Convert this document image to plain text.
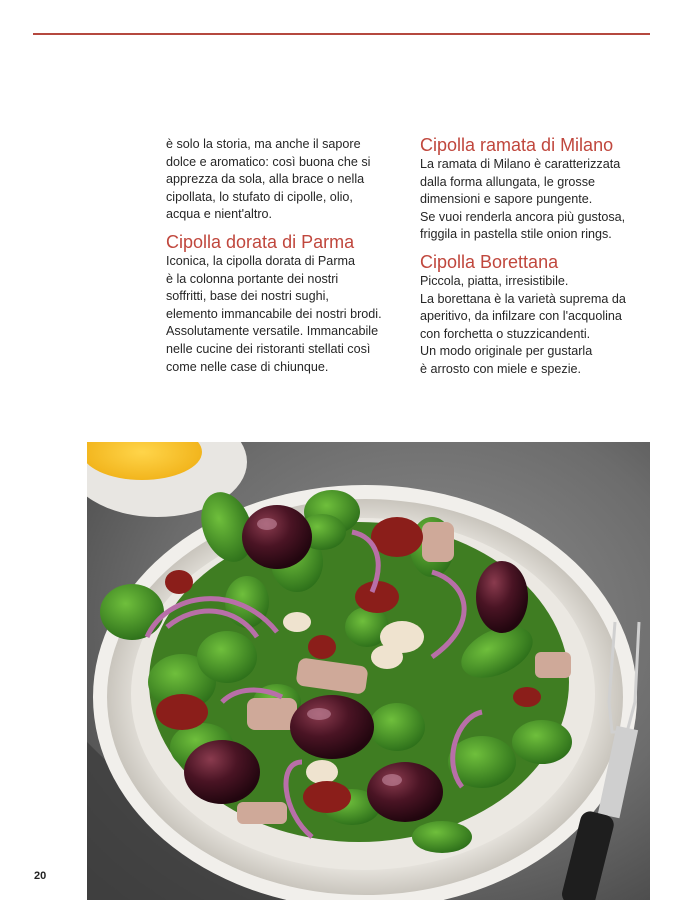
è solo la storia, ma anche il sapore
dolce e aromatico: così buona che si
apprezza da sola, alla brace o nella
cipollata, lo stufato di cipolle, olio,
acqua e nient'altro.

Cipolla dorata di Parma

Iconica, la cipolla dorata di Parma
è la colonna portante dei nostri
soffritti, base dei nostri sughi,
elemento immancabile dei nostri brodi.
Assolutamente versatile. Immancabile
nelle cucine dei ristoranti stellati così
come nelle case di chiunque.

Cipolla ramata di Milano

La ramata di Milano è caratterizzata
dalla forma allungata, le grosse
dimensioni e sapore pungente.
Se vuoi renderla ancora più gustosa,
friggila in pastella stile onion rings.

Cipolla Borettana

Piccola, piatta, irresistibile.
La borettana è la varietà suprema da
aperitivo, da infilzare con l'acquolina
con forchetta o stuzzicandenti.
Un modo originale per gustarla
è arrosto con miele e spezie.

20
